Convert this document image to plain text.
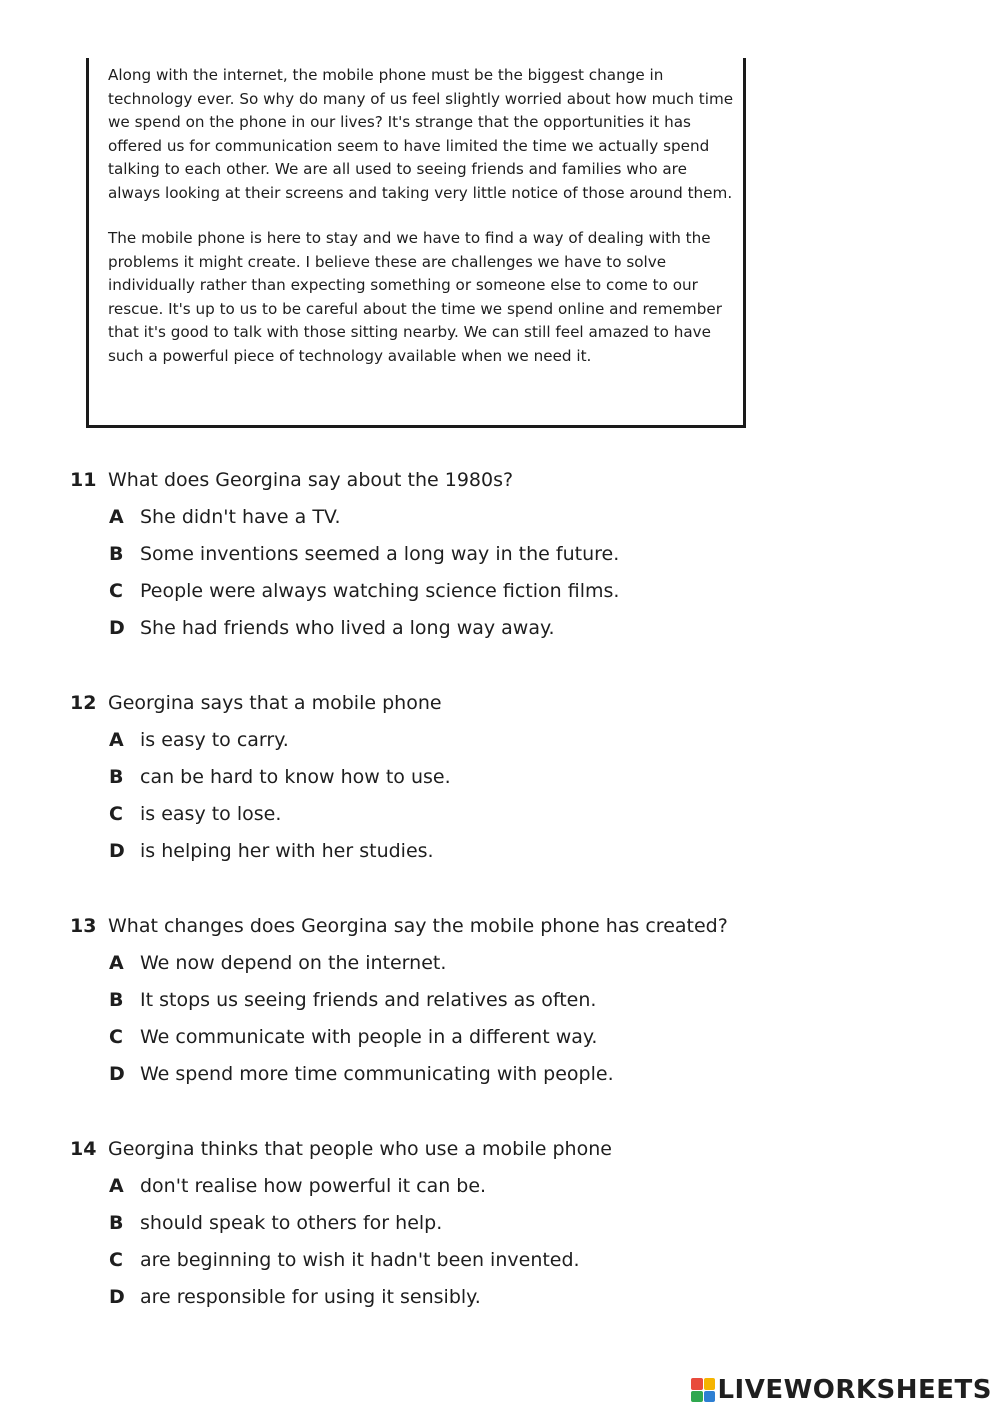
Along with the internet, the mobile phone must be the biggest change in technology ever. So why do many of us feel slightly worried about how much time we spend on the phone in our lives? It's strange that the opportunities it has offered us for communication seem to have limited the time we actually spend talking to each other. We are all used to seeing friends and families who are always looking at their screens and taking very little notice of those around them.

The mobile phone is here to stay and we have to find a way of dealing with the problems it might create. I believe these are challenges we have to solve individually rather than expecting something or someone else to come to our rescue. It's up to us to be careful about the time we spend online and remember that it's good to talk with those sitting nearby. We can still feel amazed to have such a powerful piece of technology available when we need it.

11 What does Georgina say about the 1980s?
A She didn't have a TV.
B Some inventions seemed a long way in the future.
C People were always watching science fiction films.
D She had friends who lived a long way away.
12 Georgina says that a mobile phone
A is easy to carry.
B can be hard to know how to use.
C is easy to lose.
D is helping her with her studies.
13 What changes does Georgina say the mobile phone has created?
A We now depend on the internet.
B It stops us seeing friends and relatives as often.
C We communicate with people in a different way.
D We spend more time communicating with people.
14 Georgina thinks that people who use a mobile phone
A don't realise how powerful it can be.
B should speak to others for help.
C are beginning to wish it hadn't been invented.
D are responsible for using it sensibly.
LIVEWORKSHEETS
